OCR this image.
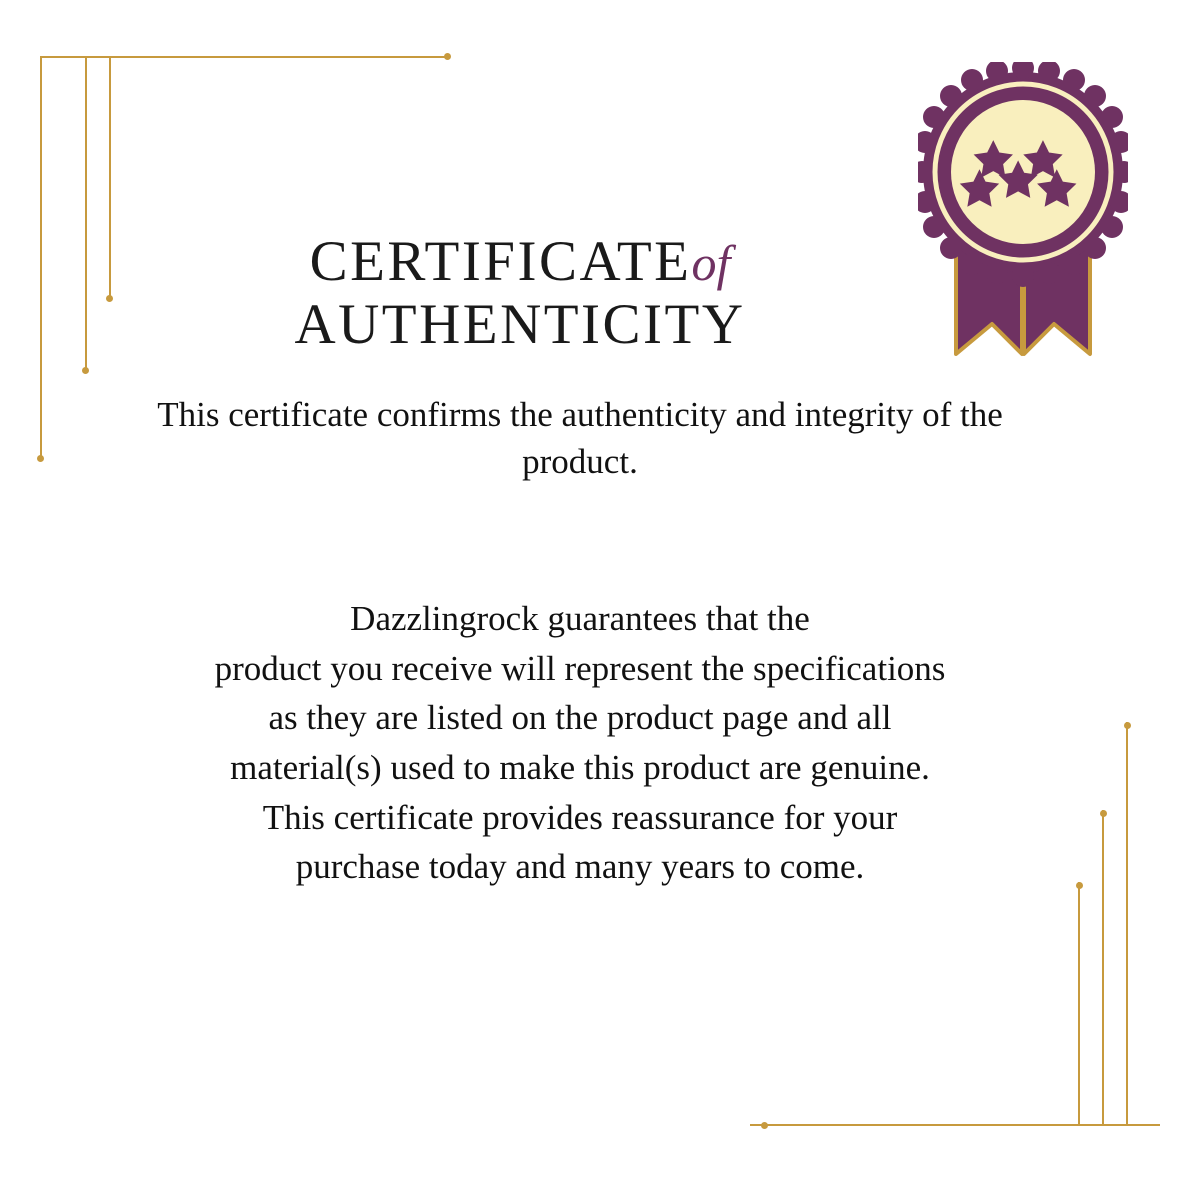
CERTIFICATEof
AUTHENTICITY
This certificate confirms the authenticity and integrity of the product.

Dazzlingrock guarantees that the

product you receive will represent the specifications

as they are listed on the product page and all

material(s) used to make this product are genuine.

This certificate provides reassurance for your

purchase today and many years to come.
